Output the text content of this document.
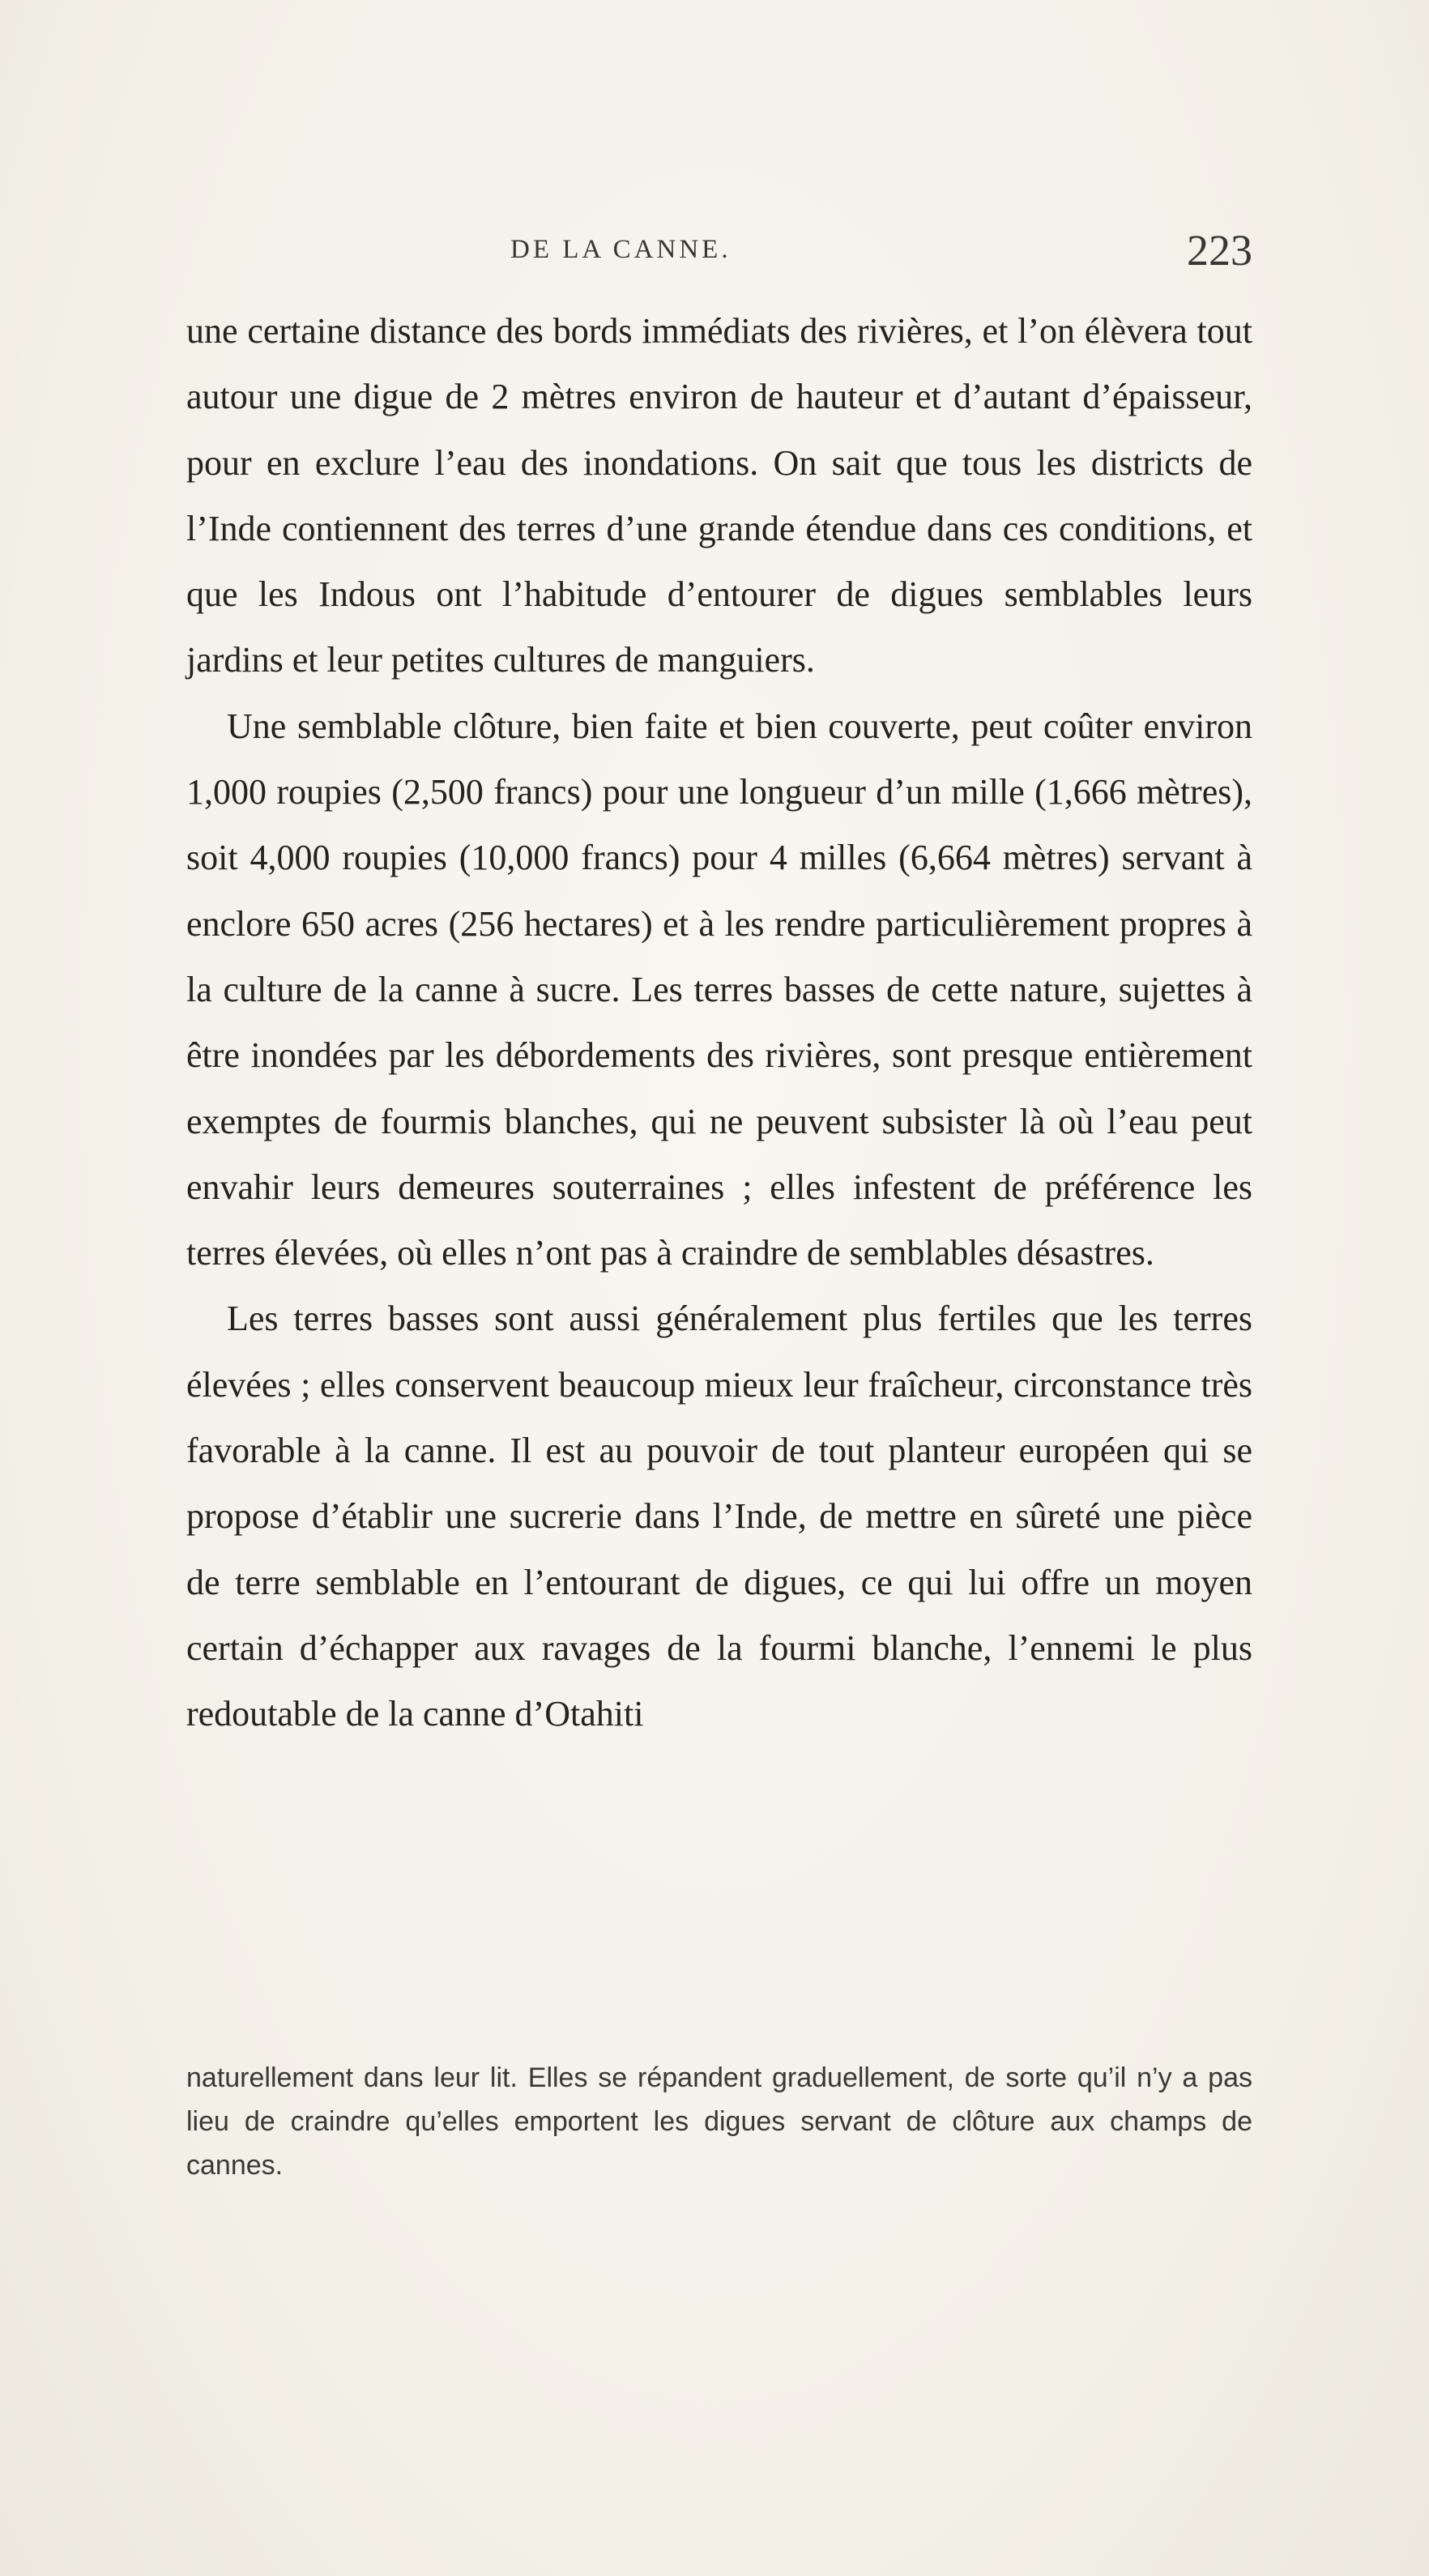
DE LA CANNE.	223

une certaine distance des bords immédiats des rivières, et l’on élèvera tout autour une digue de 2 mètres environ de hauteur et d’autant d’épaisseur, pour en exclure l’eau des inondations. On sait que tous les districts de l’Inde contiennent des terres d’une grande étendue dans ces conditions, et que les Indous ont l’habitude d’entourer de digues semblables leurs jardins et leur petites cultures de manguiers.

Une semblable clôture, bien faite et bien couverte, peut coûter environ 1,000 roupies (2,500 francs) pour une longueur d’un mille (1,666 mètres), soit 4,000 roupies (10,000 francs) pour 4 milles (6,664 mètres) servant à enclore 650 acres (256 hectares) et à les rendre particulièrement propres à la culture de la canne à sucre. Les terres basses de cette nature, sujettes à être inondées par les débordements des rivières, sont presque entièrement exemptes de fourmis blanches, qui ne peuvent subsister là où l’eau peut envahir leurs demeures souterraines ; elles infestent de préférence les terres élevées, où elles n’ont pas à craindre de semblables désastres.

Les terres basses sont aussi généralement plus fertiles que les terres élevées ; elles conservent beaucoup mieux leur fraîcheur, circonstance très favorable à la canne. Il est au pouvoir de tout planteur européen qui se propose d’établir une sucrerie dans l’Inde, de mettre en sûreté une pièce de terre semblable en l’entourant de digues, ce qui lui offre un moyen certain d’échapper aux ravages de la fourmi blanche, l’ennemi le plus redoutable de la canne d’Otahiti

naturellement dans leur lit. Elles se répandent graduellement, de sorte qu’il n’y a pas lieu de craindre qu’elles emportent les digues servant de clôture aux champs de cannes.
